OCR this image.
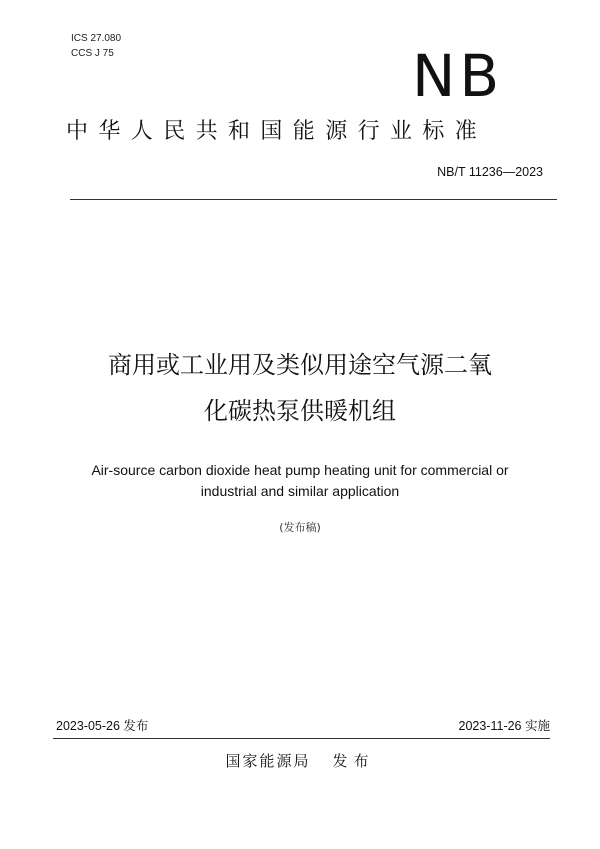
ICS 27.080
CCS J 75	NB
中华人民共和国能源行业标准
NB/T 11236—2023
商用或工业用及类似用途空气源二氧
化碳热泵供暖机组
Air-source carbon dioxide heat pump heating unit for commercial or
industrial and similar application
(发布稿)
2023-05-26 发布	2023-11-26 实施
国家能源局 发布
